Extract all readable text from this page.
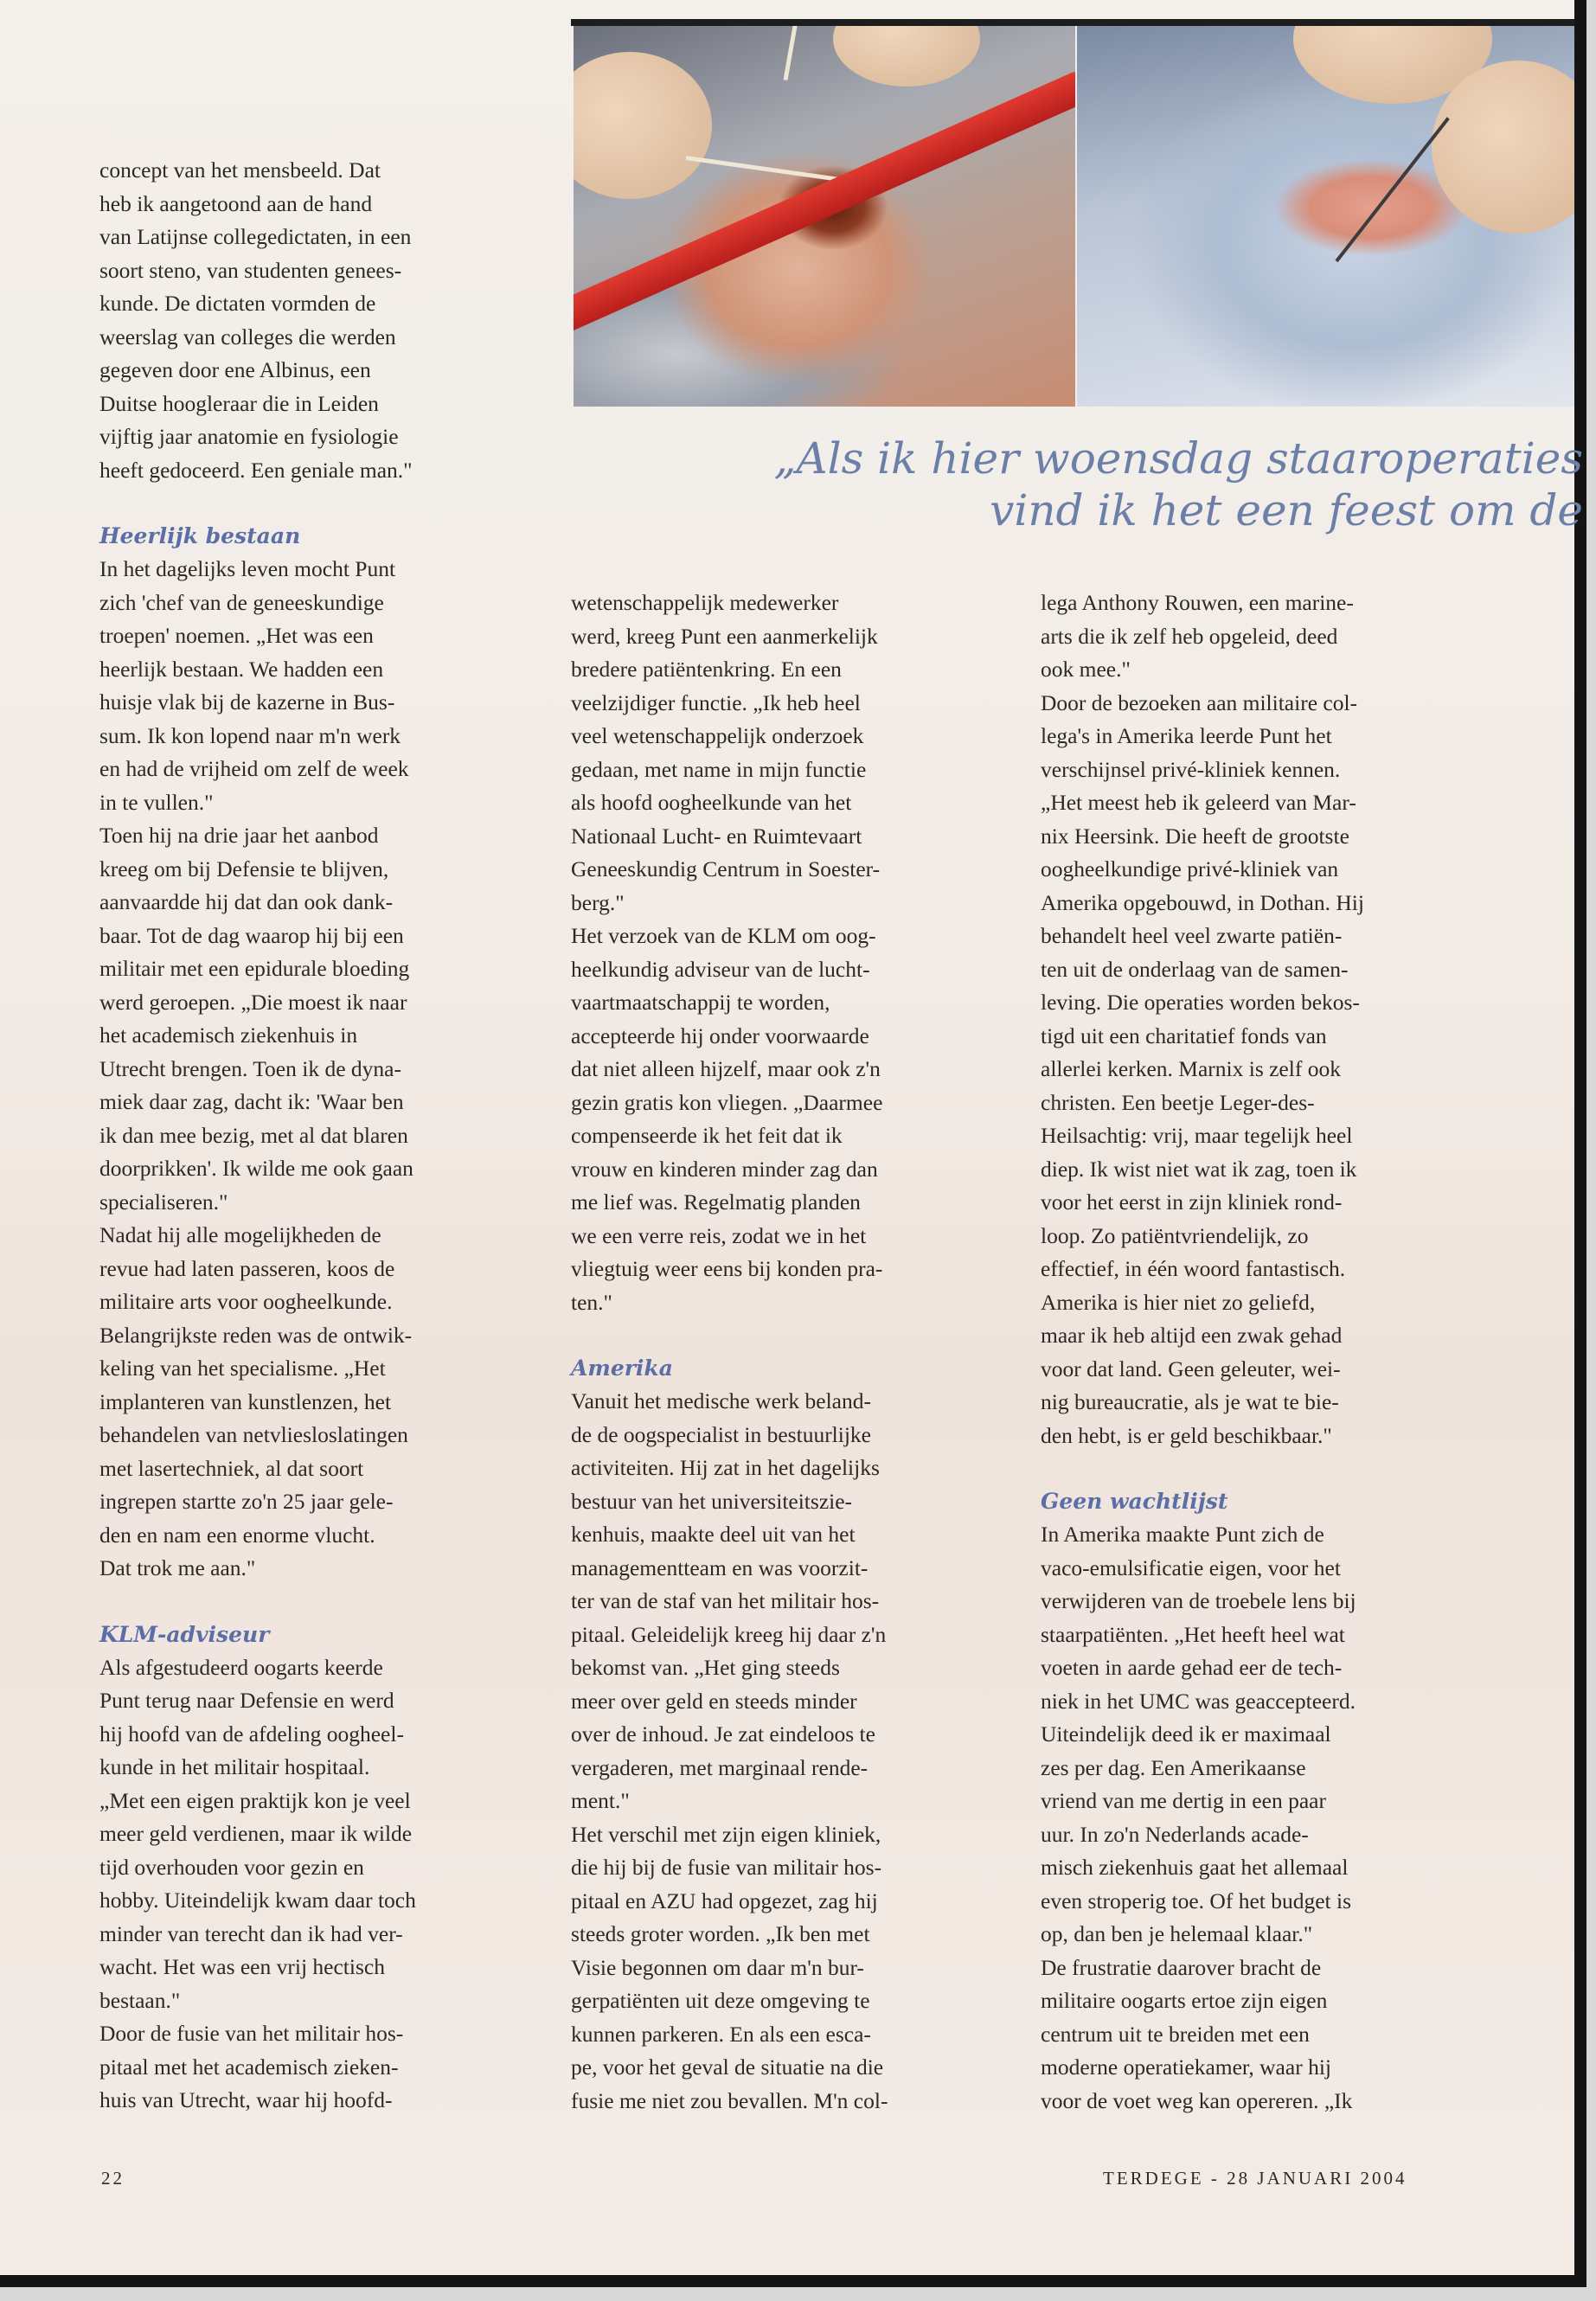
„Als ik hier woensdag staaroperaties
vind ik het een feest om de

concept van het mensbeeld. Dat

heb ik aangetoond aan de hand

van Latijnse collegedictaten, in een

soort steno, van studenten genees-

kunde. De dictaten vormden de

weerslag van colleges die werden

gegeven door ene Albinus, een

Duitse hoogleraar die in Leiden

vijftig jaar anatomie en fysiologie

heeft gedoceerd. Een geniale man."

Heerlijk bestaan

In het dagelijks leven mocht Punt

zich 'chef van de geneeskundige

troepen' noemen. „Het was een

heerlijk bestaan. We hadden een

huisje vlak bij de kazerne in Bus-

sum. Ik kon lopend naar m'n werk

en had de vrijheid om zelf de week

in te vullen."

Toen hij na drie jaar het aanbod

kreeg om bij Defensie te blijven,

aanvaardde hij dat dan ook dank-

baar. Tot de dag waarop hij bij een

militair met een epidurale bloeding

werd geroepen. „Die moest ik naar

het academisch ziekenhuis in

Utrecht brengen. Toen ik de dyna-

miek daar zag, dacht ik: 'Waar ben

ik dan mee bezig, met al dat blaren

doorprikken'. Ik wilde me ook gaan

specialiseren."

Nadat hij alle mogelijkheden de

revue had laten passeren, koos de

militaire arts voor oogheelkunde.

Belangrijkste reden was de ontwik-

keling van het specialisme. „Het

implanteren van kunstlenzen, het

behandelen van netvliesloslatingen

met lasertechniek, al dat soort

ingrepen startte zo'n 25 jaar gele-

den en nam een enorme vlucht.

Dat trok me aan."

KLM-adviseur

Als afgestudeerd oogarts keerde

Punt terug naar Defensie en werd

hij hoofd van de afdeling oogheel-

kunde in het militair hospitaal.

„Met een eigen praktijk kon je veel

meer geld verdienen, maar ik wilde

tijd overhouden voor gezin en

hobby. Uiteindelijk kwam daar toch

minder van terecht dan ik had ver-

wacht. Het was een vrij hectisch

bestaan."

Door de fusie van het militair hos-

pitaal met het academisch zieken-

huis van Utrecht, waar hij hoofd-

wetenschappelijk medewerker

werd, kreeg Punt een aanmerkelijk

bredere patiëntenkring. En een

veelzijdiger functie. „Ik heb heel

veel wetenschappelijk onderzoek

gedaan, met name in mijn functie

als hoofd oogheelkunde van het

Nationaal Lucht- en Ruimtevaart

Geneeskundig Centrum in Soester-

berg."

Het verzoek van de KLM om oog-

heelkundig adviseur van de lucht-

vaartmaatschappij te worden,

accepteerde hij onder voorwaarde

dat niet alleen hijzelf, maar ook z'n

gezin gratis kon vliegen. „Daarmee

compenseerde ik het feit dat ik

vrouw en kinderen minder zag dan

me lief was. Regelmatig planden

we een verre reis, zodat we in het

vliegtuig weer eens bij konden pra-

ten."

Amerika

Vanuit het medische werk beland-

de de oogspecialist in bestuurlijke

activiteiten. Hij zat in het dagelijks

bestuur van het universiteitszie-

kenhuis, maakte deel uit van het

managementteam en was voorzit-

ter van de staf van het militair hos-

pitaal. Geleidelijk kreeg hij daar z'n

bekomst van. „Het ging steeds

meer over geld en steeds minder

over de inhoud. Je zat eindeloos te

vergaderen, met marginaal rende-

ment."

Het verschil met zijn eigen kliniek,

die hij bij de fusie van militair hos-

pitaal en AZU had opgezet, zag hij

steeds groter worden. „Ik ben met

Visie begonnen om daar m'n bur-

gerpatiënten uit deze omgeving te

kunnen parkeren. En als een esca-

pe, voor het geval de situatie na die

fusie me niet zou bevallen. M'n col-

lega Anthony Rouwen, een marine-

arts die ik zelf heb opgeleid, deed

ook mee."

Door de bezoeken aan militaire col-

lega's in Amerika leerde Punt het

verschijnsel privé-kliniek kennen.

„Het meest heb ik geleerd van Mar-

nix Heersink. Die heeft de grootste

oogheelkundige privé-kliniek van

Amerika opgebouwd, in Dothan. Hij

behandelt heel veel zwarte patiën-

ten uit de onderlaag van de samen-

leving. Die operaties worden bekos-

tigd uit een charitatief fonds van

allerlei kerken. Marnix is zelf ook

christen. Een beetje Leger-des-

Heilsachtig: vrij, maar tegelijk heel

diep. Ik wist niet wat ik zag, toen ik

voor het eerst in zijn kliniek rond-

loop. Zo patiëntvriendelijk, zo

effectief, in één woord fantastisch.

Amerika is hier niet zo geliefd,

maar ik heb altijd een zwak gehad

voor dat land. Geen geleuter, wei-

nig bureaucratie, als je wat te bie-

den hebt, is er geld beschikbaar."

Geen wachtlijst

In Amerika maakte Punt zich de

vaco-emulsificatie eigen, voor het

verwijderen van de troebele lens bij

staarpatiënten. „Het heeft heel wat

voeten in aarde gehad eer de tech-

niek in het UMC was geaccepteerd.

Uiteindelijk deed ik er maximaal

zes per dag. Een Amerikaanse

vriend van me dertig in een paar

uur. In zo'n Nederlands acade-

misch ziekenhuis gaat het allemaal

even stroperig toe. Of het budget is

op, dan ben je helemaal klaar."

De frustratie daarover bracht de

militaire oogarts ertoe zijn eigen

centrum uit te breiden met een

moderne operatiekamer, waar hij

voor de voet weg kan opereren. „Ik

22	TERDEGE - 28 JANUARI 2004
